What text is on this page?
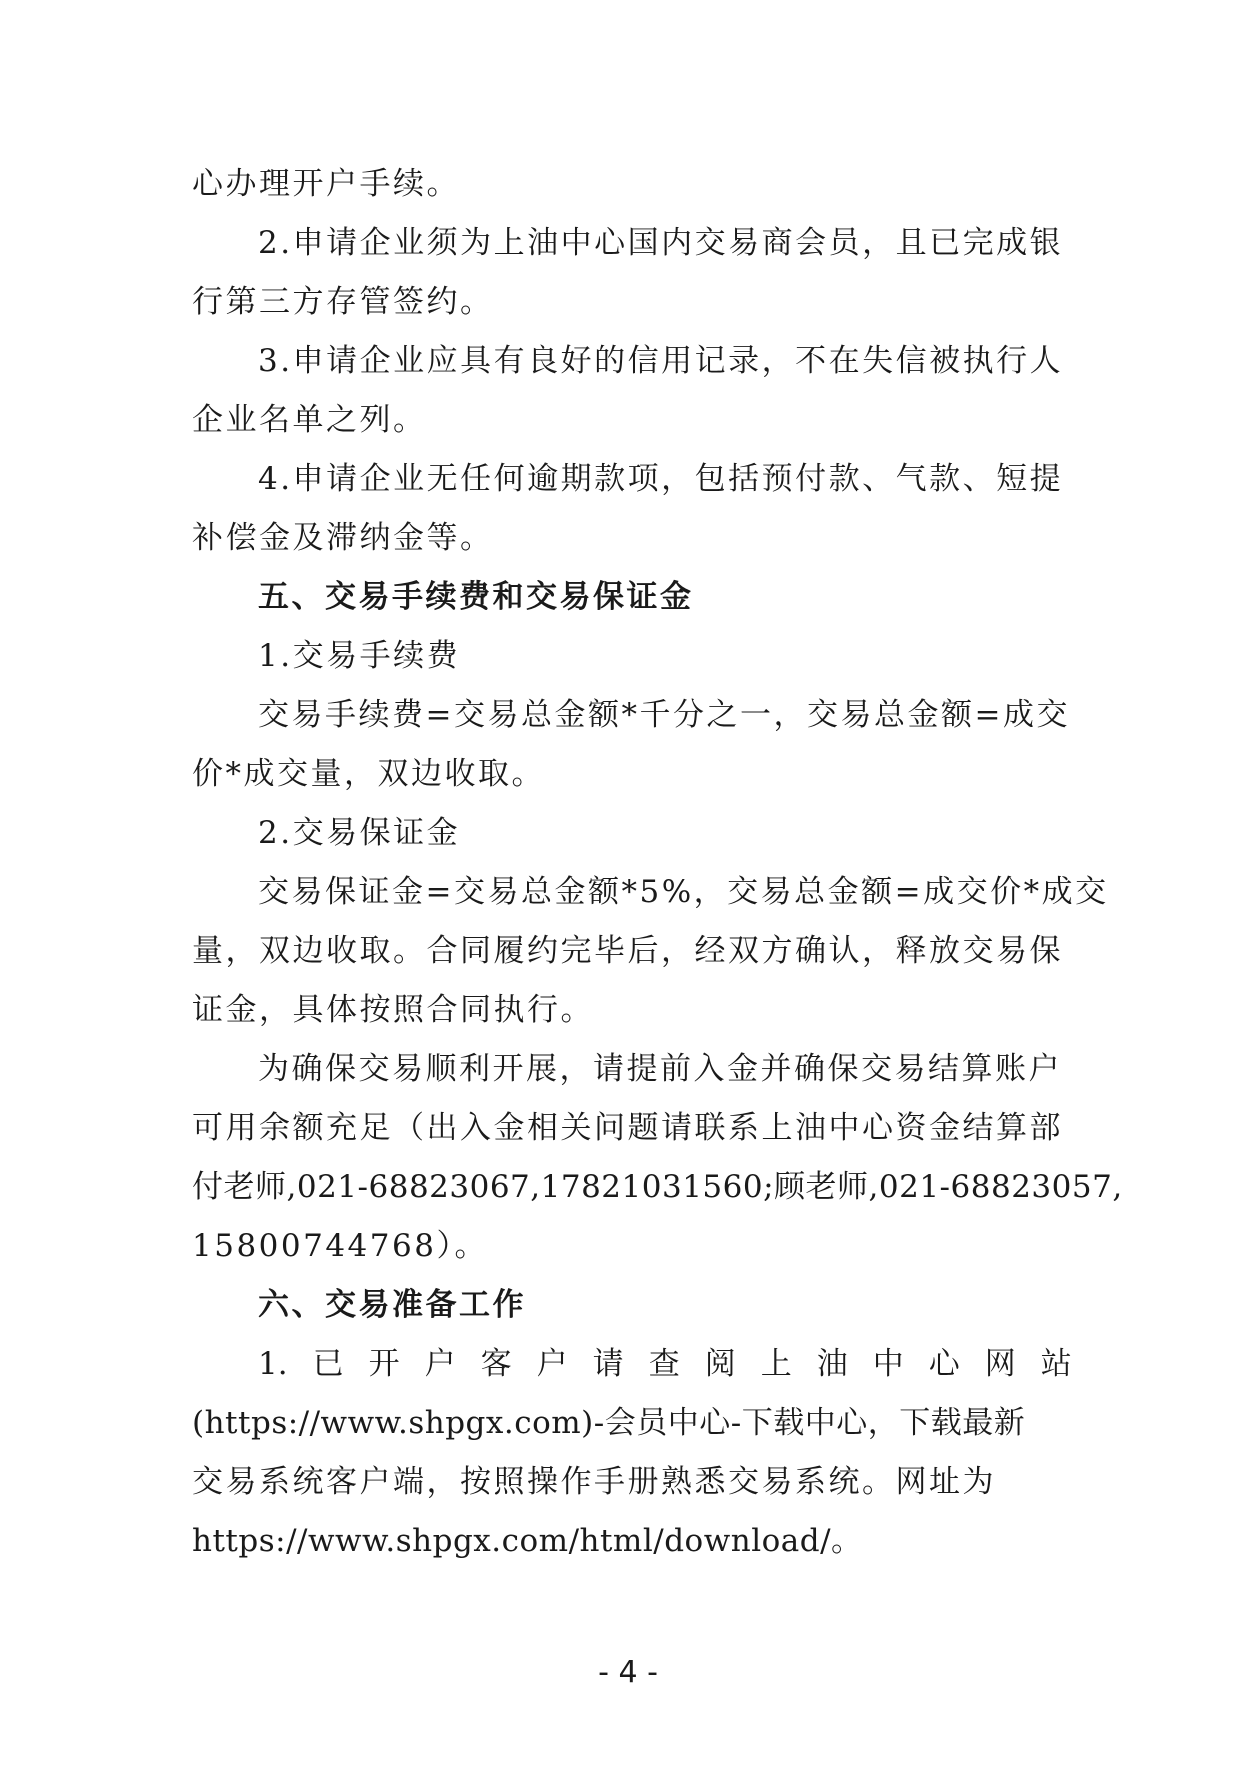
心办理开户手续。
2.申请企业须为上油中心国内交易商会员，且已完成银
行第三方存管签约。
3.申请企业应具有良好的信用记录，不在失信被执行人
企业名单之列。
4.申请企业无任何逾期款项，包括预付款、气款、短提
补偿金及滞纳金等。
五、交易手续费和交易保证金
1.交易手续费
交易手续费=交易总金额*千分之一，交易总金额=成交
价*成交量，双边收取。
2.交易保证金
交易保证金=交易总金额*5%，交易总金额=成交价*成交
量，双边收取。合同履约完毕后，经双方确认，释放交易保
证金，具体按照合同执行。
为确保交易顺利开展，请提前入金并确保交易结算账户
可用余额充足（出入金相关问题请联系上油中心资金结算部
付老师,021-68823067,17821031560;顾老师,021-68823057,
15800744768）。
六、交易准备工作
1. 已 开 户 客 户 请 查 阅 上 油 中 心 网 站
(https://www.shpgx.com)-会员中心-下载中心，下载最新
交易系统客户端，按照操作手册熟悉交易系统。网址为
https://www.shpgx.com/html/download/。
- 4 -
